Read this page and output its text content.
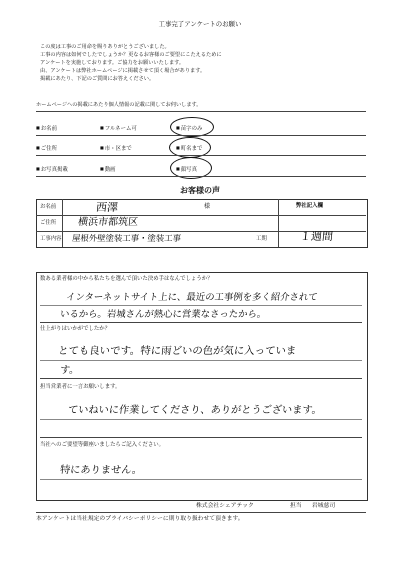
工事完了アンケートのお願い
この度は工事のご用命を賜りありがとうございました。
工事の内容は如何でしたでしょうか？更なるお客様のご要望にこたえるために
アンケートを実施しております。ご協力をお願いいたします。
由、アンケートは弊社ホームページに掲載させて頂く場合があります。
掲載にあたり、下記のご質問にお答えください。
ホームページへの掲載にあたり個人情報の記載に関してお伺いします。
■ お名前	■ フルネーム可	■ 苗字のみ
■ ご住所	■ 市・区まで	■ 町名まで
■ お写真掲載	■ 動画	■ 顔写真
お客様の声
お名前	西澤	様	弊社記入欄
ご住所 横浜市都筑区
工事内容 屋根外壁塗装工事・塗装工事	工期	１週間
数ある業者様の中から私たちを選んで頂いた決め手はなんでしょうか？
インターネットサイト上に、最近の工事例を多く紹介されて
いるから。岩城さんが熱心に営業なさったから。
仕上がりはいかがでしたか？
とても良いです。特に雨どいの色が気に入っていま
す。
担当営業者に一言お願いします。
ていねいに作業してくださり、ありがとうございます。
当社へのご要望等御座いましたらご記入ください。
特にありません。
株式会社シェアテック	担当 岩城慈司
本アンケートは当社規定のプライバシーポリシーに則り取り扱わせて頂きます。
